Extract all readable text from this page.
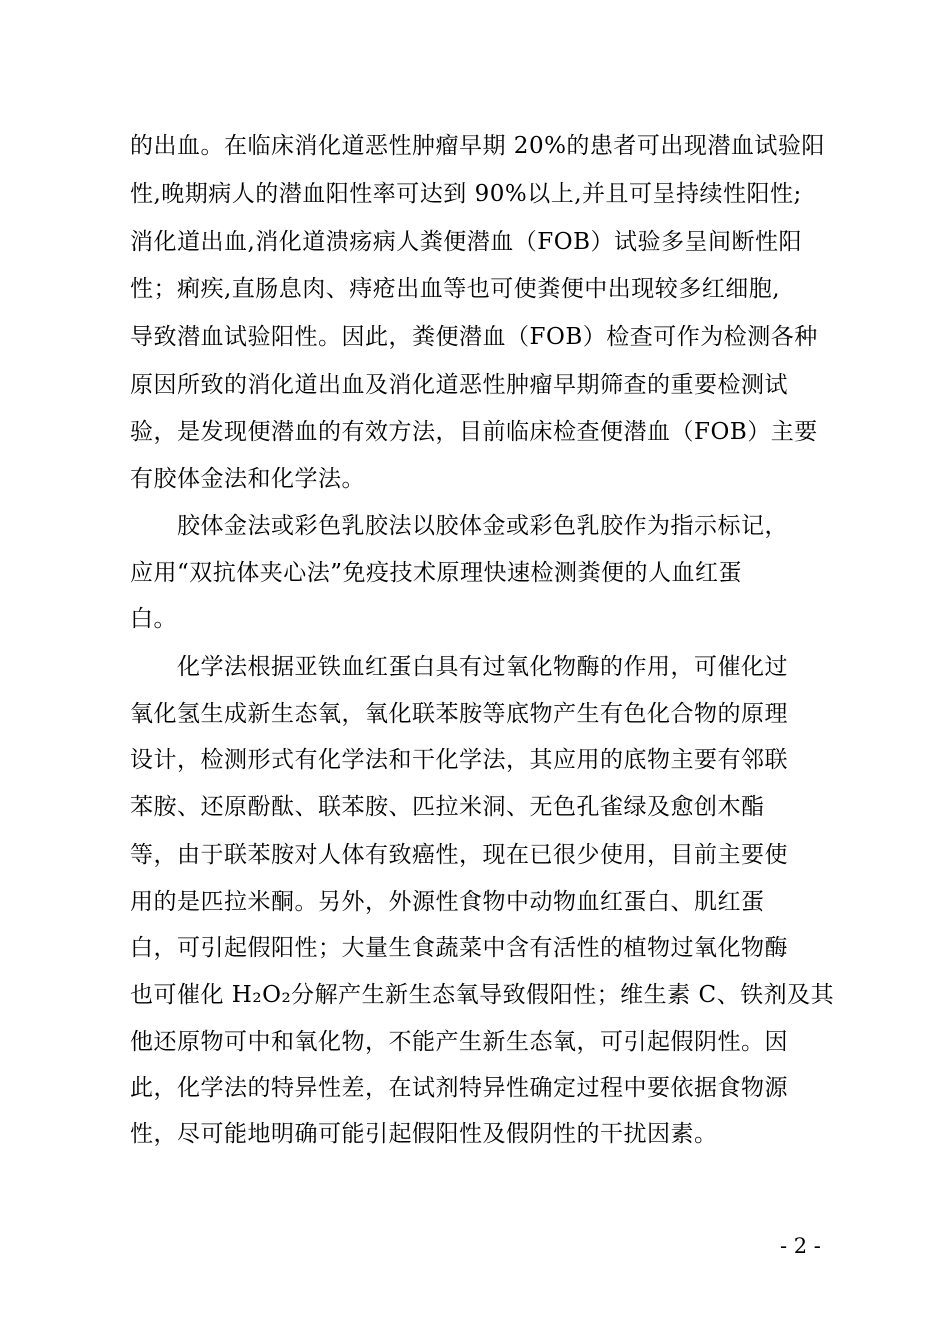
的出血。在临床消化道恶性肿瘤早期 20%的患者可出现潜血试验阳
性,晚期病人的潜血阳性率可达到 90%以上,并且可呈持续性阳性;
消化道出血,消化道溃疡病人粪便潜血（FOB）试验多呈间断性阳
性；痢疾,直肠息肉、痔疮出血等也可使粪便中出现较多红细胞,
导致潜血试验阳性。因此，粪便潜血（FOB）检查可作为检测各种
原因所致的消化道出血及消化道恶性肿瘤早期筛查的重要检测试
验，是发现便潜血的有效方法，目前临床检查便潜血（FOB）主要
有胶体金法和化学法。
胶体金法或彩色乳胶法以胶体金或彩色乳胶作为指示标记，
应用“双抗体夹心法”免疫技术原理快速检测粪便的人血红蛋
白。
化学法根据亚铁血红蛋白具有过氧化物酶的作用，可催化过
氧化氢生成新生态氧，氧化联苯胺等底物产生有色化合物的原理
设计，检测形式有化学法和干化学法，其应用的底物主要有邻联
苯胺、还原酚酞、联苯胺、匹拉米洞、无色孔雀绿及愈创木酯
等，由于联苯胺对人体有致癌性，现在已很少使用，目前主要使
用的是匹拉米酮。另外，外源性食物中动物血红蛋白、肌红蛋
白，可引起假阳性；大量生食蔬菜中含有活性的植物过氧化物酶
也可催化 H₂O₂分解产生新生态氧导致假阳性；维生素 C、铁剂及其
他还原物可中和氧化物，不能产生新生态氧，可引起假阴性。因
此，化学法的特异性差，在试剂特异性确定过程中要依据食物源
性，尽可能地明确可能引起假阳性及假阴性的干扰因素。
- 2 -
